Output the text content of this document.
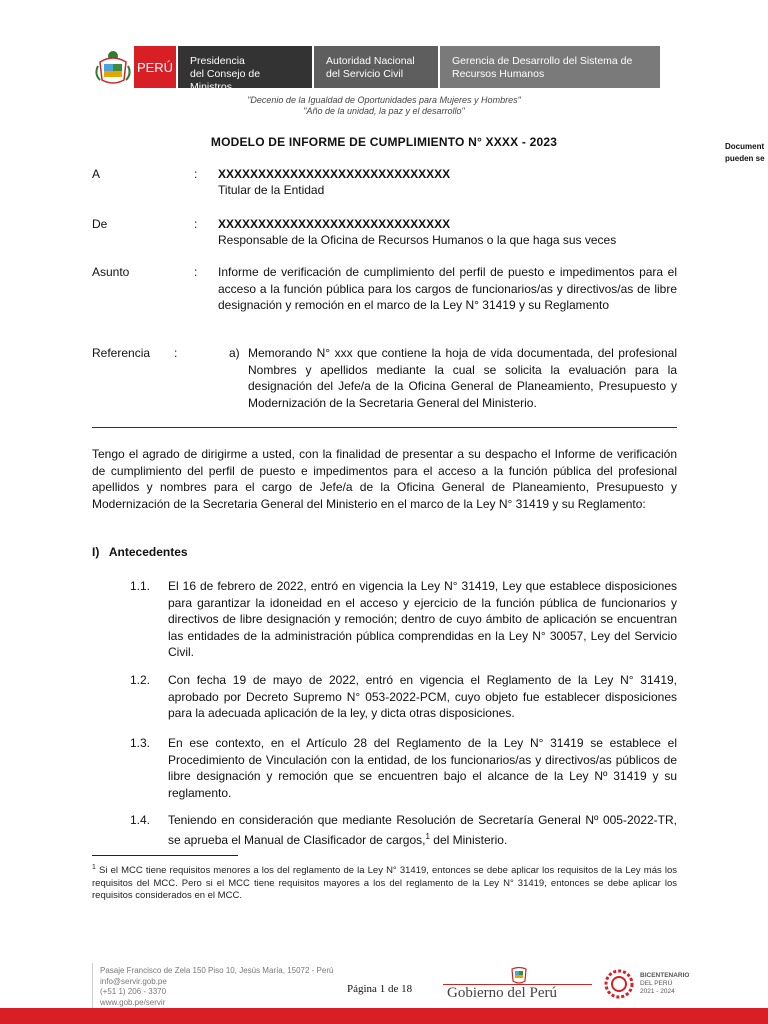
PERÚ Presidencia
del Consejo de Ministros
Autoridad Nacional
del Servicio Civil
Gerencia de Desarrollo del Sistema de
Recursos Humanos
"Decenio de la Igualdad de Oportunidades para Mujeres y Hombres"
"Año de la unidad, la paz y el desarrollo"
Document
pueden se
MODELO DE INFORME DE CUMPLIMIENTO N° XXXX - 2023
A	: XXXXXXXXXXXXXXXXXXXXXXXXXXXXX
Titular de la Entidad
De	: XXXXXXXXXXXXXXXXXXXXXXXXXXXXX
Responsable de la Oficina de Recursos Humanos o la que haga sus veces
Asunto	: Informe de verificación de cumplimiento del perfil de puesto e impedimentos para el acceso a la función pública para los cargos de funcionarios/as y directivos/as de libre designación y remoción en el marco de la Ley N° 31419 y su Reglamento
Referencia :	a) Memorando N° xxx que contiene la hoja de vida documentada, del profesional Nombres y apellidos mediante la cual se solicita la evaluación para la designación del Jefe/a de la Oficina General de Planeamiento, Presupuesto y Modernización de la Secretaria General del Ministerio.
Tengo el agrado de dirigirme a usted, con la finalidad de presentar a su despacho el Informe de verificación de cumplimiento del perfil de puesto e impedimentos para el acceso a la función pública del profesional apellidos y nombres para el cargo de Jefe/a de la Oficina General de Planeamiento, Presupuesto y Modernización de la Secretaria General del Ministerio en el marco de la Ley N° 31419 y su Reglamento:
I)   Antecedentes
1.1. El 16 de febrero de 2022, entró en vigencia la Ley N° 31419, Ley que establece disposiciones para garantizar la idoneidad en el acceso y ejercicio de la función pública de funcionarios y directivos de libre designación y remoción; dentro de cuyo ámbito de aplicación se encuentran las entidades de la administración pública comprendidas en la Ley N° 30057, Ley del Servicio Civil.
1.2. Con fecha 19 de mayo de 2022, entró en vigencia el Reglamento de la Ley N° 31419, aprobado por Decreto Supremo N° 053-2022-PCM, cuyo objeto fue establecer disposiciones para la adecuada aplicación de la ley, y dicta otras disposiciones.
1.3. En ese contexto, en el Artículo 28 del Reglamento de la Ley N° 31419 se establece el Procedimiento de Vinculación con la entidad, de los funcionarios/as y directivos/as públicos de libre designación y remoción que se encuentren bajo el alcance de la Ley Nº 31419 y su reglamento.
1.4. Teniendo en consideración que mediante Resolución de Secretaría General Nº 005-2022-TR, se aprueba el Manual de Clasificador de cargos,$^1$ del Ministerio.
$^1$ Si el MCC tiene requisitos menores a los del reglamento de la Ley N° 31419, entonces se debe aplicar los requisitos de la Ley más los requisitos del MCC. Pero si el MCC tiene requisitos mayores a los del reglamento de la Ley N° 31419, entonces se debe aplicar los requisitos considerados en el MCC.
Pasaje Francisco de Zela 150 Piso 10, Jesús María, 15072 - Perú
info@servir.gob.pe
(+51 1) 206 - 3370
www.gob.pe/servir
Página 1 de 18 Gobierno del Perú
BICENTENARIO
DEL PERÚ
2021 - 2024
